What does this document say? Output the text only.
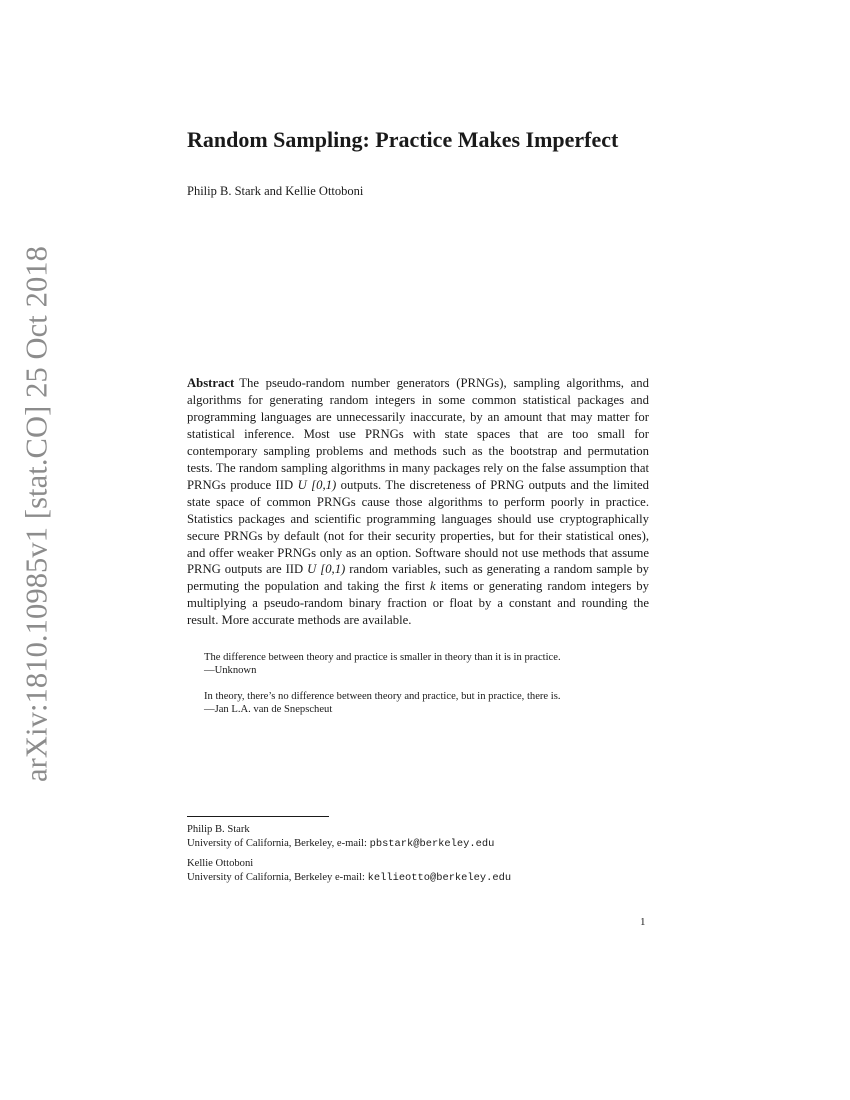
arXiv:1810.10985v1 [stat.CO] 25 Oct 2018
Random Sampling: Practice Makes Imperfect

Philip B. Stark and Kellie Ottoboni

Abstract The pseudo-random number generators (PRNGs), sampling algorithms, and algorithms for generating random integers in some common statistical packages and programming languages are unnecessarily inaccurate, by an amount that may matter for statistical inference. Most use PRNGs with state spaces that are too small for contemporary sampling problems and methods such as the bootstrap and permutation tests. The random sampling algorithms in many packages rely on the false assumption that PRNGs produce IID U [0,1) outputs. The discreteness of PRNG outputs and the limited state space of common PRNGs cause those algorithms to perform poorly in practice. Statistics packages and scientific programming languages should use cryptographically secure PRNGs by default (not for their security properties, but for their statistical ones), and offer weaker PRNGs only as an option. Software should not use methods that assume PRNG outputs are IID U [0,1) random variables, such as generating a random sample by permuting the population and taking the first k items or generating random integers by multiplying a pseudo-random binary fraction or float by a constant and rounding the result. More accurate methods are available.

The difference between theory and practice is smaller in theory than it is in practice.

—Unknown

In theory, there’s no difference between theory and practice, but in practice, there is.

—Jan L.A. van de Snepscheut

Philip B. Stark

University of California, Berkeley, e-mail: pbstark@berkeley.edu

Kellie Ottoboni

University of California, Berkeley e-mail: kellieotto@berkeley.edu

1
